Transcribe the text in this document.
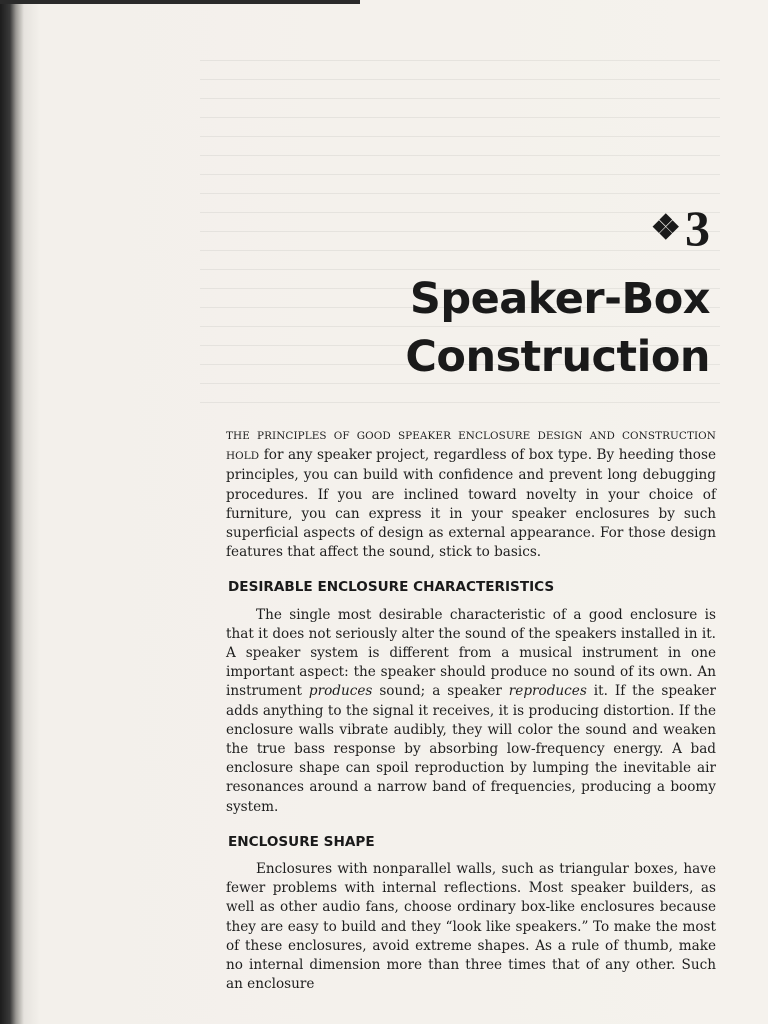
❖3
Speaker-Box
Construction

THE PRINCIPLES OF GOOD SPEAKER ENCLOSURE DESIGN AND CONSTRUCTION HOLD for any speaker project, regardless of box type. By heeding those principles, you can build with confidence and prevent long debugging procedures. If you are inclined toward novelty in your choice of furniture, you can express it in your speaker enclosures by such superficial aspects of design as external appearance. For those design features that affect the sound, stick to basics.

DESIRABLE ENCLOSURE CHARACTERISTICS

The single most desirable characteristic of a good enclosure is that it does not seriously alter the sound of the speakers installed in it. A speaker system is different from a musical instrument in one important aspect: the speaker should produce no sound of its own. An instrument produces sound; a speaker reproduces it. If the speaker adds anything to the signal it receives, it is producing distortion. If the enclosure walls vibrate audibly, they will color the sound and weaken the true bass response by absorbing low-frequency energy. A bad enclosure shape can spoil reproduction by lumping the inevitable air resonances around a narrow band of frequencies, producing a boomy system.

ENCLOSURE SHAPE

Enclosures with nonparallel walls, such as triangular boxes, have fewer problems with internal reflections. Most speaker builders, as well as other audio fans, choose ordinary box-like enclosures because they are easy to build and they “look like speakers.” To make the most of these enclosures, avoid extreme shapes. As a rule of thumb, make no internal dimension more than three times that of any other. Such an enclosure
